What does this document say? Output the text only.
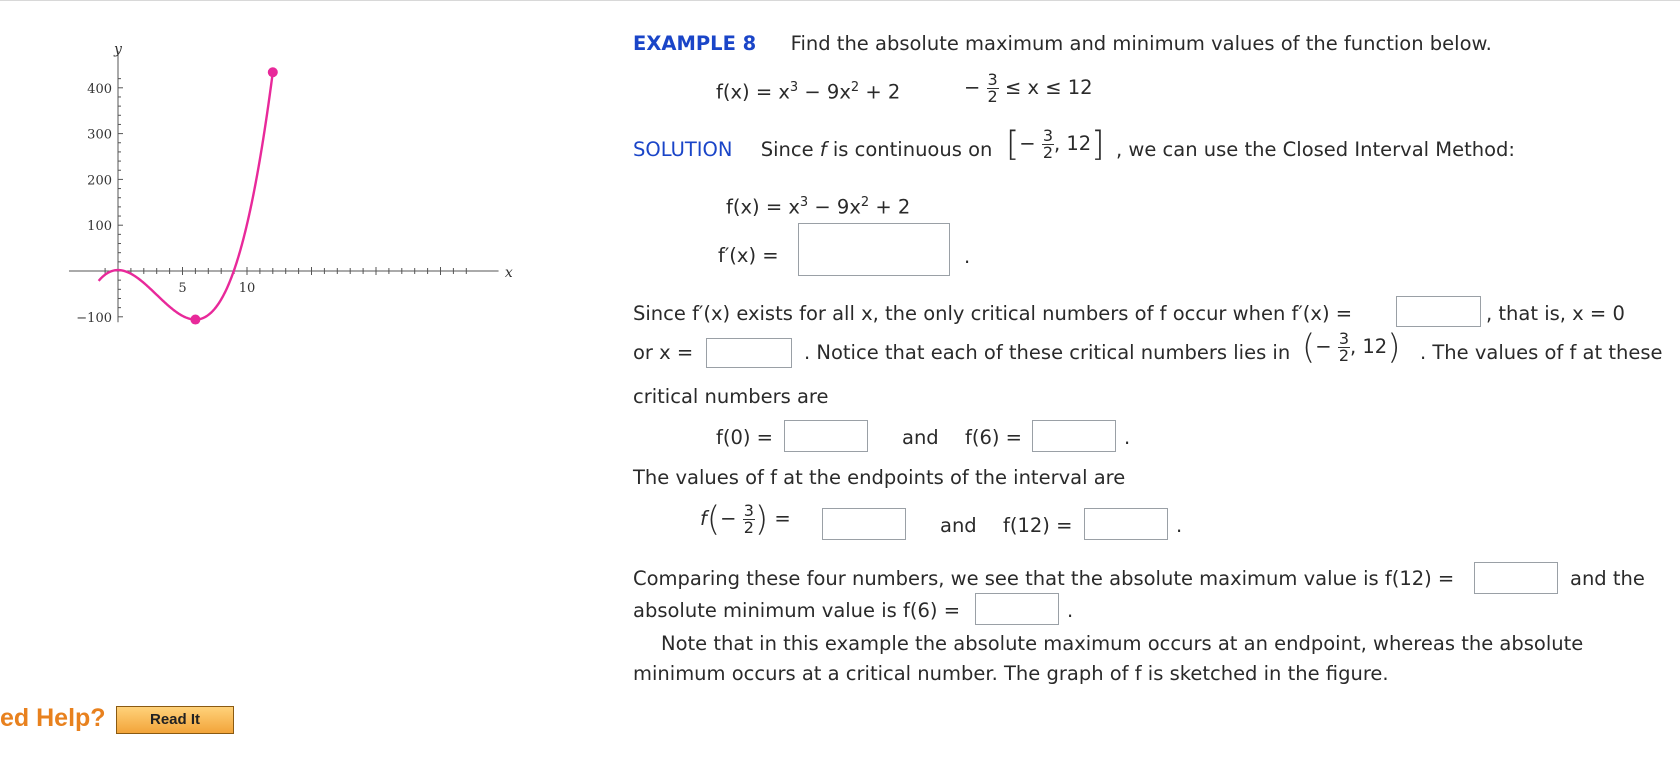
5	10
400
300
200
100
−100
y
x
EXAMPLE 8 Find the absolute maximum and minimum values of the function below.
$f(x) = x^3 - 9x^2 + 2$	− $\frac{3}{2} \le x \le 12$
SOLUTION Since f is continuous on [− $\frac{3}{2}$ , 12] , we can use the Closed Interval Method:
$f(x) = x^3 - 9x^2 + 2$
f′(x) =	.
Since f′(x) exists for all x, the only critical numbers of f occur when f′(x) =	, that is, x = 0
or x =	. Notice that each of these critical numbers lies in (− $\frac{3}{2}$ , 12) . The values of f at these
critical numbers are
f(0) =	and f(6) =	.
The values of f at the endpoints of the interval are
$f(- \frac{3}{2}$ ) =	and f(12) =	.
Comparing these four numbers, we see that the absolute maximum value is f(12) =	and the
absolute minimum value is f(6) =	.
Note that in this example the absolute maximum occurs at an endpoint, whereas the absolute
minimum occurs at a critical number. The graph of f is sketched in the figure.
ed Help?	Read It
